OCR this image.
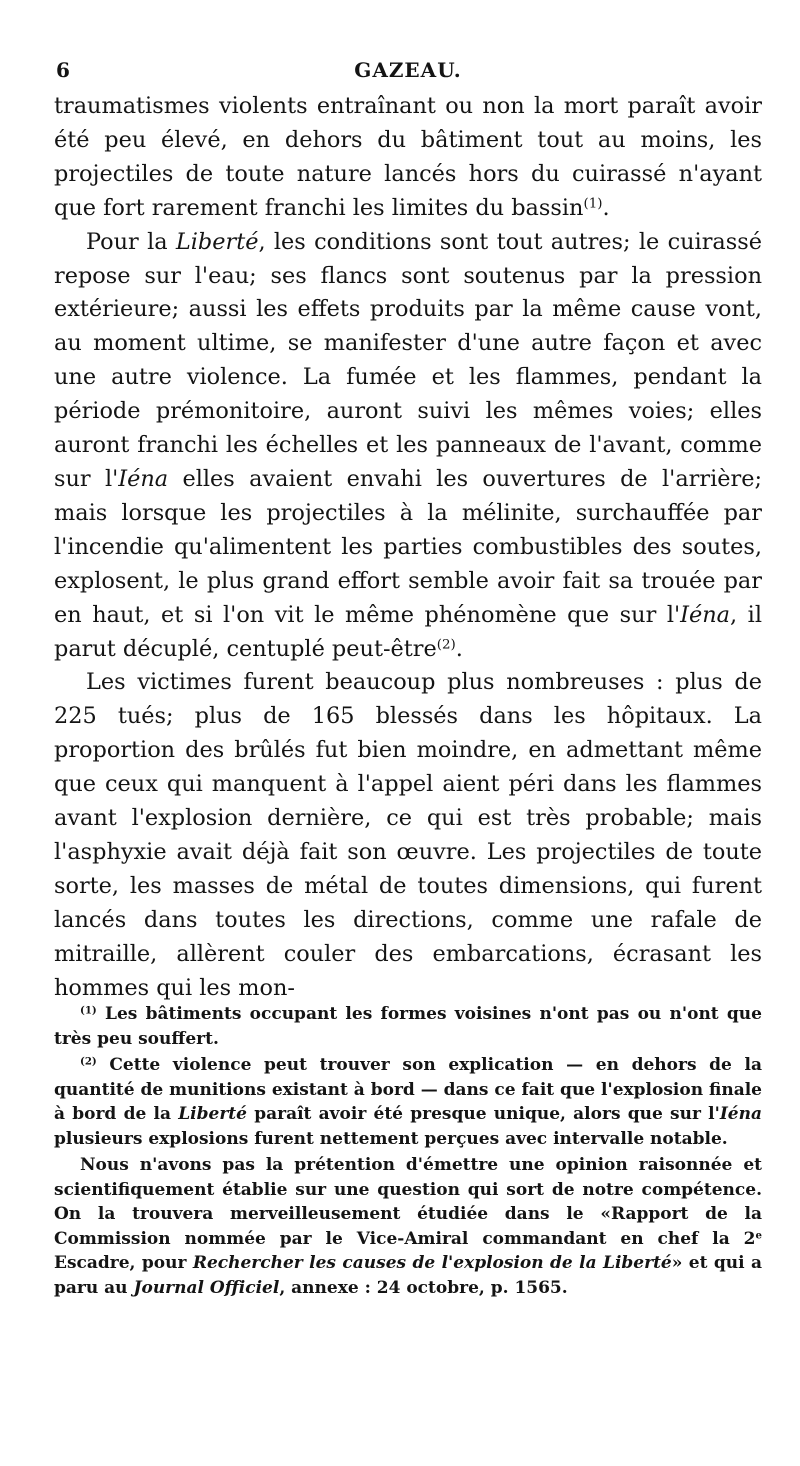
6	GAZEAU.

traumatismes violents entraînant ou non la mort paraît avoir été peu élevé, en dehors du bâtiment tout au moins, les projectiles de toute nature lancés hors du cuirassé n'ayant que fort rarement franchi les limites du bassin$^{(1)}$.

Pour la Liberté, les conditions sont tout autres; le cuirassé repose sur l'eau; ses flancs sont soutenus par la pression extérieure; aussi les effets produits par la même cause vont, au moment ultime, se manifester d'une autre façon et avec une autre violence. La fumée et les flammes, pendant la période prémonitoire, auront suivi les mêmes voies; elles auront franchi les échelles et les panneaux de l'avant, comme sur l'Iéna elles avaient envahi les ouvertures de l'arrière; mais lorsque les projectiles à la mélinite, surchauffée par l'incendie qu'alimentent les parties combustibles des soutes, explosent, le plus grand effort semble avoir fait sa trouée par en haut, et si l'on vit le même phénomène que sur l'Iéna, il parut décuplé, centuplé peut-être$^{(2)}$.

Les victimes furent beaucoup plus nombreuses : plus de 225 tués; plus de 165 blessés dans les hôpitaux. La proportion des brûlés fut bien moindre, en admettant même que ceux qui manquent à l'appel aient péri dans les flammes avant l'explosion dernière, ce qui est très probable; mais l'asphyxie avait déjà fait son œuvre. Les projectiles de toute sorte, les masses de métal de toutes dimensions, qui furent lancés dans toutes les directions, comme une rafale de mitraille, allèrent couler des embarcations, écrasant les hommes qui les mon-

$^{(1)}$ Les bâtiments occupant les formes voisines n'ont pas ou n'ont que très peu souffert.

$^{(2)}$ Cette violence peut trouver son explication — en dehors de la quantité de munitions existant à bord — dans ce fait que l'explosion finale à bord de la Liberté paraît avoir été presque unique, alors que sur l'Iéna plusieurs explosions furent nettement perçues avec intervalle notable.

Nous n'avons pas la prétention d'émettre une opinion raisonnée et scientifiquement établie sur une question qui sort de notre compétence. On la trouvera merveilleusement étudiée dans le «Rapport de la Commission nommée par le Vice-Amiral commandant en chef la 2e Escadre, pour Rechercher les causes de l'explosion de la Liberté» et qui a paru au Journal Officiel, annexe : 24 octobre, p. 1565.
